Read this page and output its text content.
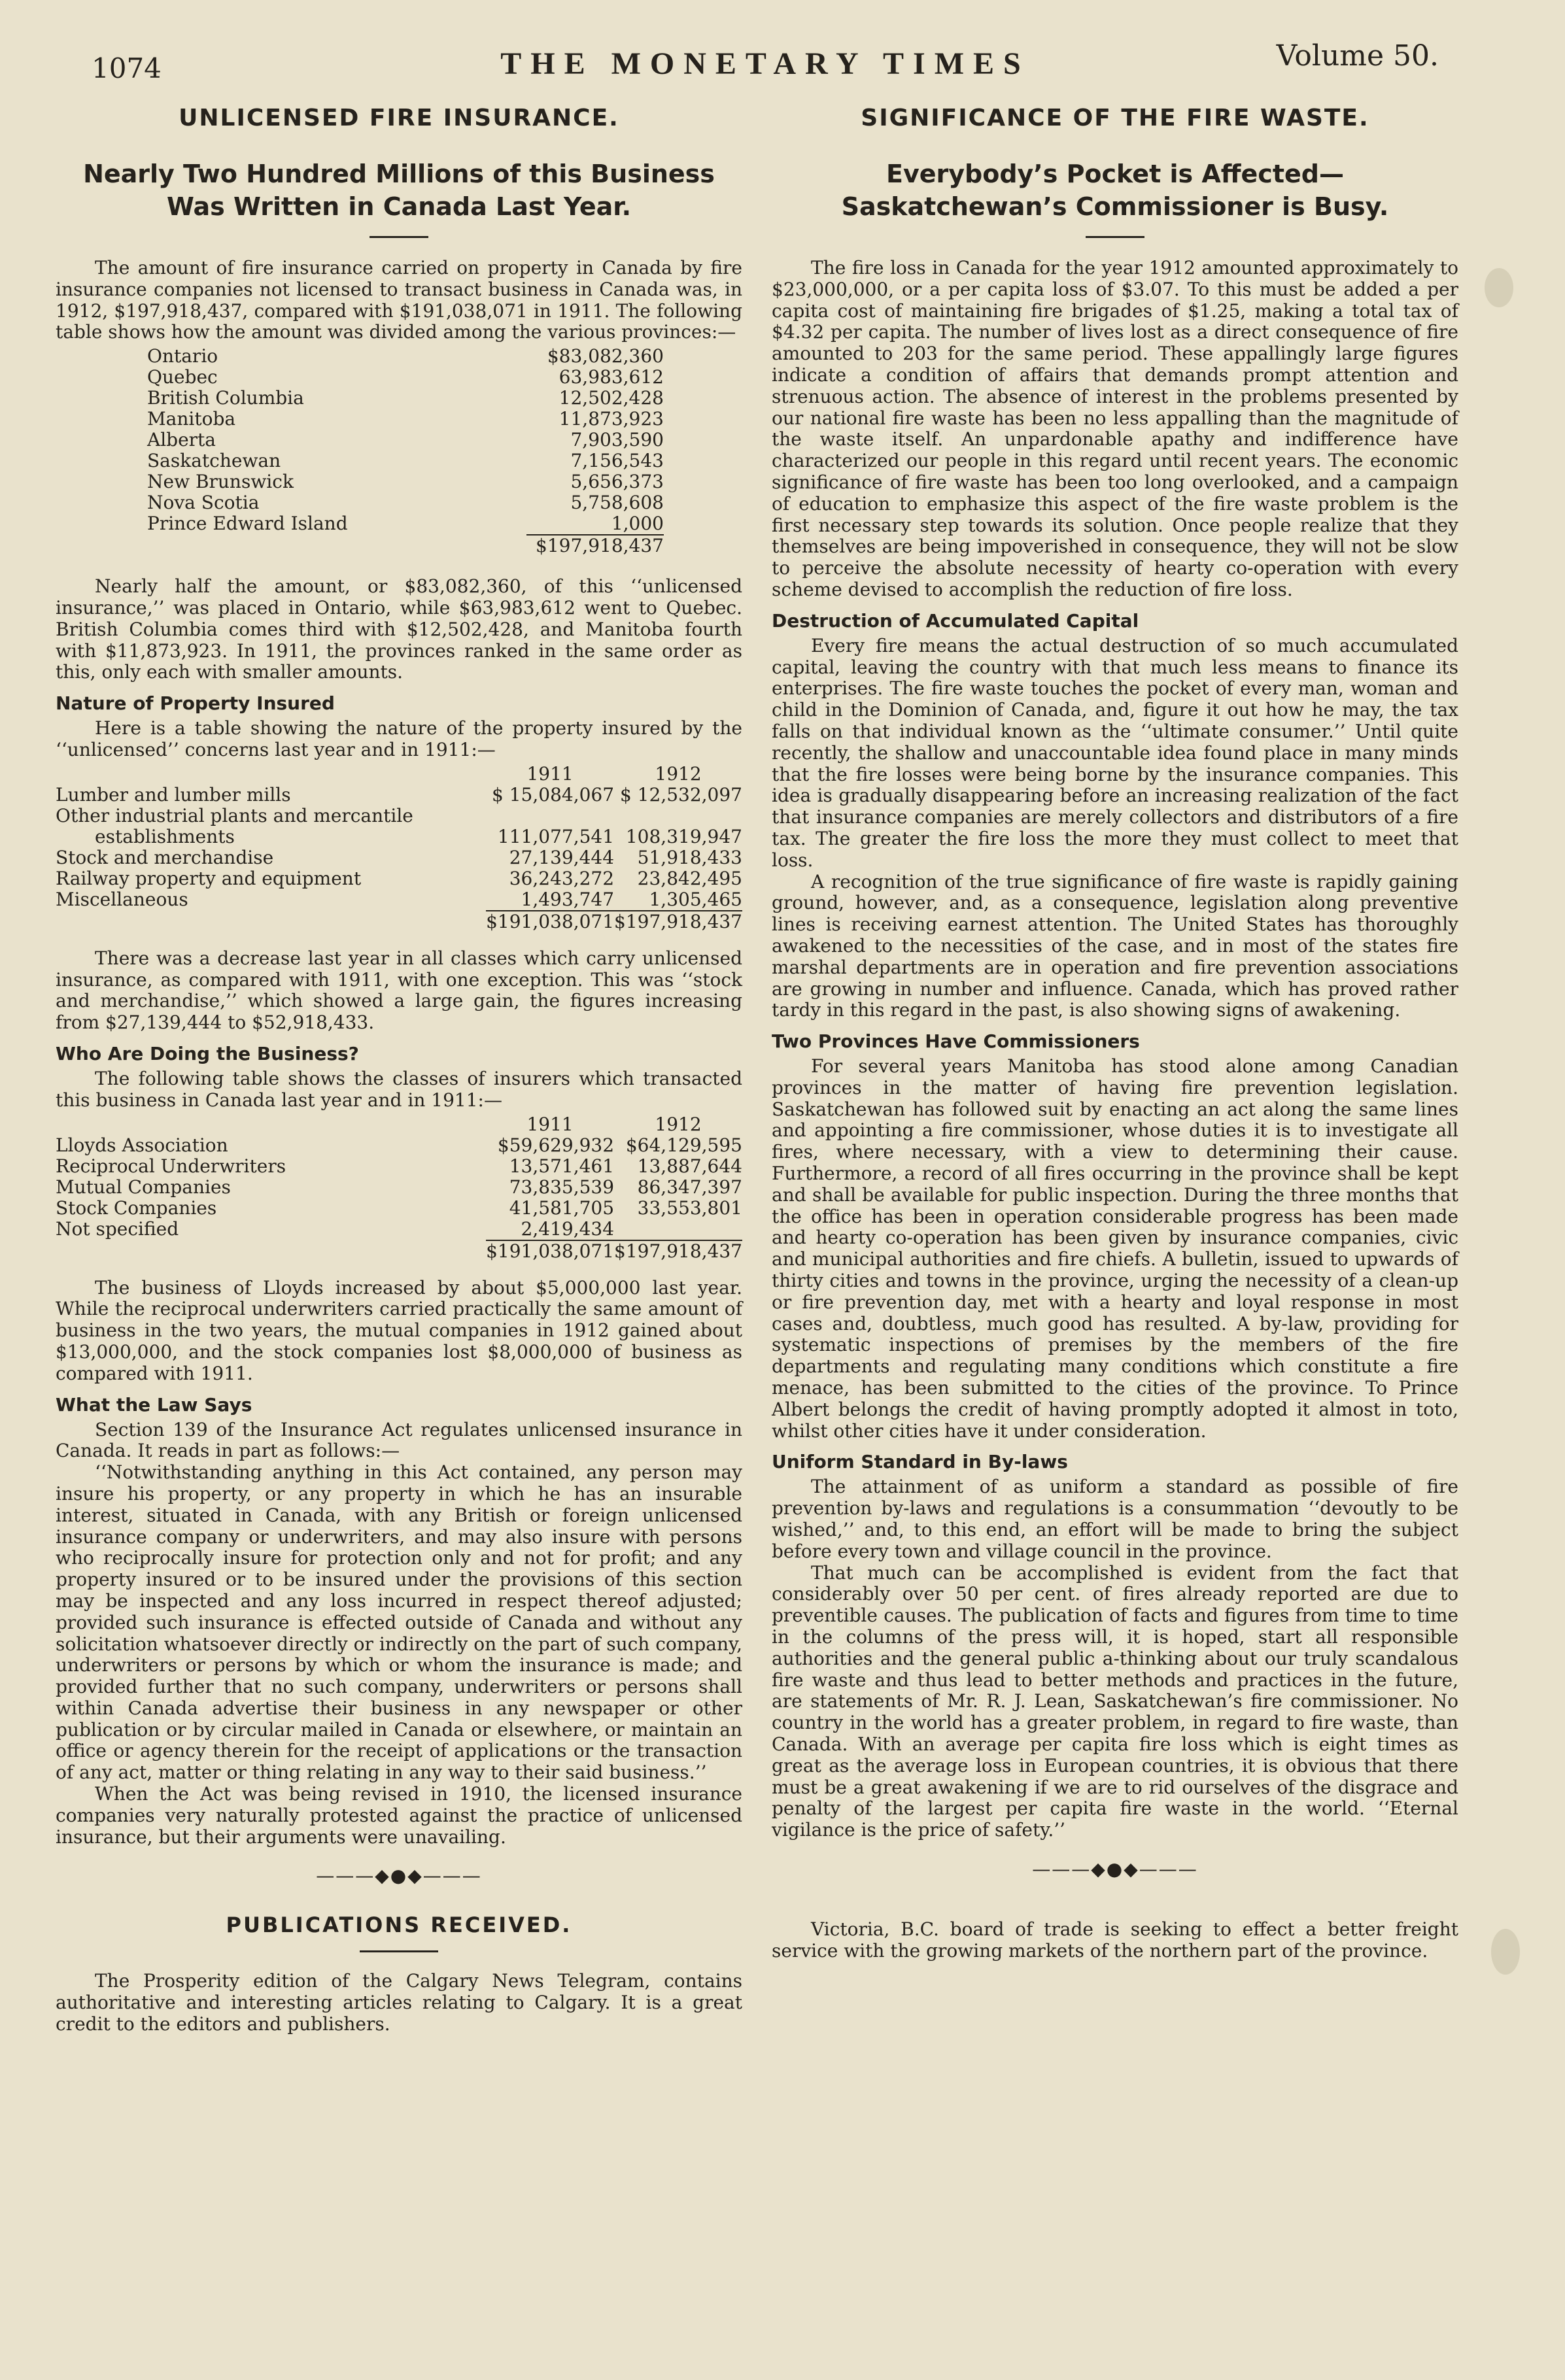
1074	THE MONETARY TIMES	Volume 50.
UNLICENSED FIRE INSURANCE.
Nearly Two Hundred Millions of this Business Was Written in Canada Last Year.

The amount of fire insurance carried on property in Canada by fire insurance companies not licensed to transact business in Canada was, in 1912, $197,918,437, compared with $191,038,071 in 1911. The following table shows how the amount was divided among the various provinces:—

Ontario	$83,082,360
Quebec	63,983,612
British Columbia	12,502,428
Manitoba	11,873,923
Alberta	7,903,590
Saskatchewan	7,156,543
New Brunswick	5,656,373
Nova Scotia	5,758,608
Prince Edward Island	1,000
	$197,918,437

Nearly half the amount, or $83,082,360, of this ‘‘unlicensed insurance,’’ was placed in Ontario, while $63,983,612 went to Quebec. British Columbia comes third with $12,502,428, and Manitoba fourth with $11,873,923. In 1911, the provinces ranked in the same order as this, only each with smaller amounts.

Nature of Property Insured

Here is a table showing the nature of the property insured by the ‘‘unlicensed’’ concerns last year and in 1911:—

	1911	1912
Lumber and lumber mills	$ 15,084,067	$ 12,532,097
Other industrial plants and mercantile		
establishments	111,077,541	108,319,947
Stock and merchandise	27,139,444	51,918,433
Railway property and equipment	36,243,272	23,842,495
Miscellaneous	1,493,747	1,305,465
	$191,038,071	$197,918,437

There was a decrease last year in all classes which carry unlicensed insurance, as compared with 1911, with one exception. This was ‘‘stock and merchandise,’’ which showed a large gain, the figures increasing from $27,139,444 to $52,918,433.

Who Are Doing the Business?

The following table shows the classes of insurers which transacted this business in Canada last year and in 1911:—

	1911	1912
Lloyds Association	$59,629,932	$64,129,595
Reciprocal Underwriters	13,571,461	13,887,644
Mutual Companies	73,835,539	86,347,397
Stock Companies	41,581,705	33,553,801
Not specified	2,419,434	
	$191,038,071	$197,918,437

The business of Lloyds increased by about $5,000,000 last year. While the reciprocal underwriters carried practically the same amount of business in the two years, the mutual companies in 1912 gained about $13,000,000, and the stock companies lost $8,000,000 of business as compared with 1911.

What the Law Says

Section 139 of the Insurance Act regulates unlicensed insurance in Canada. It reads in part as follows:—

‘‘Notwithstanding anything in this Act contained, any person may insure his property, or any property in which he has an insurable interest, situated in Canada, with any British or foreign unlicensed insurance company or underwriters, and may also insure with persons who reciprocally insure for protection only and not for profit; and any property insured or to be insured under the provisions of this section may be inspected and any loss incurred in respect thereof adjusted; provided such insurance is effected outside of Canada and without any solicitation whatsoever directly or indirectly on the part of such company, underwriters or persons by which or whom the insurance is made; and provided further that no such company, underwriters or persons shall within Canada advertise their business in any newspaper or other publication or by circular mailed in Canada or elsewhere, or maintain an office or agency therein for the receipt of applications or the transaction of any act, matter or thing relating in any way to their said business.’’

When the Act was being revised in 1910, the licensed insurance companies very naturally protested against the practice of unlicensed insurance, but their arguments were unavailing.

———◆●◆———
PUBLICATIONS RECEIVED.

The Prosperity edition of the Calgary News Telegram, contains authoritative and interesting articles relating to Calgary. It is a great credit to the editors and publishers.

SIGNIFICANCE OF THE FIRE WASTE.
Everybody’s Pocket is Affected—Saskatchewan’s Commissioner is Busy.

The fire loss in Canada for the year 1912 amounted approximately to $23,000,000, or a per capita loss of $3.07. To this must be added a per capita cost of maintaining fire brigades of $1.25, making a total tax of $4.32 per capita. The number of lives lost as a direct consequence of fire amounted to 203 for the same period. These appallingly large figures indicate a condition of affairs that demands prompt attention and strenuous action. The absence of interest in the problems presented by our national fire waste has been no less appalling than the magnitude of the waste itself. An unpardonable apathy and indifference have characterized our people in this regard until recent years. The economic significance of fire waste has been too long overlooked, and a campaign of education to emphasize this aspect of the fire waste problem is the first necessary step towards its solution. Once people realize that they themselves are being impoverished in consequence, they will not be slow to perceive the absolute necessity of hearty co-operation with every scheme devised to accomplish the reduction of fire loss.

Destruction of Accumulated Capital

Every fire means the actual destruction of so much accumulated capital, leaving the country with that much less means to finance its enterprises. The fire waste touches the pocket of every man, woman and child in the Dominion of Canada, and, figure it out how he may, the tax falls on that individual known as the ‘‘ultimate consumer.’’ Until quite recently, the shallow and unaccountable idea found place in many minds that the fire losses were being borne by the insurance companies. This idea is gradually disappearing before an increasing realization of the fact that insurance companies are merely collectors and distributors of a fire tax. The greater the fire loss the more they must collect to meet that loss.

A recognition of the true significance of fire waste is rapidly gaining ground, however, and, as a consequence, legislation along preventive lines is receiving earnest attention. The United States has thoroughly awakened to the necessities of the case, and in most of the states fire marshal departments are in operation and fire prevention associations are growing in number and influence. Canada, which has proved rather tardy in this regard in the past, is also showing signs of awakening.

Two Provinces Have Commissioners

For several years Manitoba has stood alone among Canadian provinces in the matter of having fire prevention legislation. Saskatchewan has followed suit by enacting an act along the same lines and appointing a fire commissioner, whose duties it is to investigate all fires, where necessary, with a view to determining their cause. Furthermore, a record of all fires occurring in the province shall be kept and shall be available for public inspection. During the three months that the office has been in operation considerable progress has been made and hearty co-operation has been given by insurance companies, civic and municipal authorities and fire chiefs. A bulletin, issued to upwards of thirty cities and towns in the province, urging the necessity of a clean-up or fire prevention day, met with a hearty and loyal response in most cases and, doubtless, much good has resulted. A by-law, providing for systematic inspections of premises by the members of the fire departments and regulating many conditions which constitute a fire menace, has been submitted to the cities of the province. To Prince Albert belongs the credit of having promptly adopted it almost in toto, whilst other cities have it under consideration.

Uniform Standard in By-laws

The attainment of as uniform a standard as possible of fire prevention by-laws and regulations is a consummation ‘‘devoutly to be wished,’’ and, to this end, an effort will be made to bring the subject before every town and village council in the province.

That much can be accomplished is evident from the fact that considerably over 50 per cent. of fires already reported are due to preventible causes. The publication of facts and figures from time to time in the columns of the press will, it is hoped, start all responsible authorities and the general public a-thinking about our truly scandalous fire waste and thus lead to better methods and practices in the future, are statements of Mr. R. J. Lean, Saskatchewan’s fire commissioner. No country in the world has a greater problem, in regard to fire waste, than Canada. With an average per capita fire loss which is eight times as great as the average loss in European countries, it is obvious that there must be a great awakening if we are to rid ourselves of the disgrace and penalty of the largest per capita fire waste in the world. ‘‘Eternal vigilance is the price of safety.’’

———◆●◆———

Victoria, B.C. board of trade is seeking to effect a better freight service with the growing markets of the northern part of the province.
